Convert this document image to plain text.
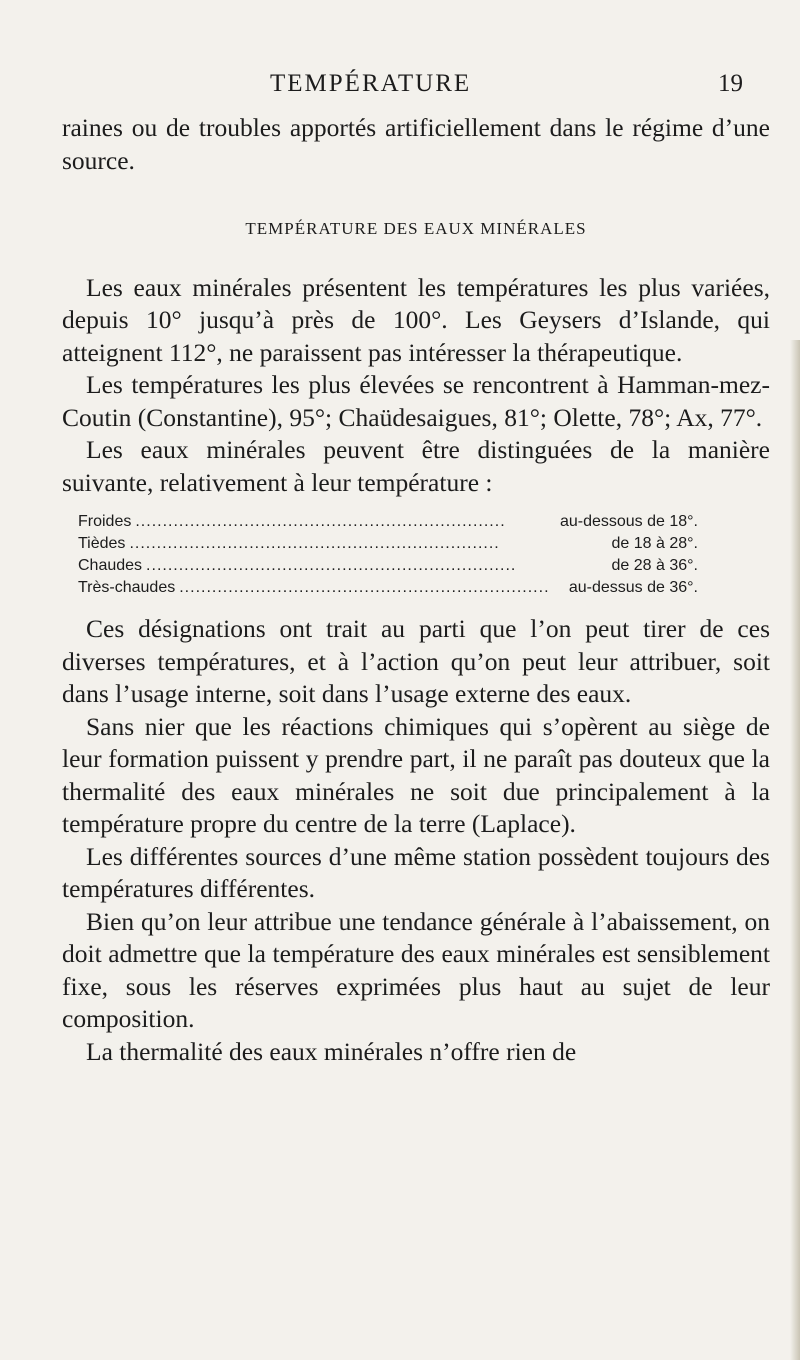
TEMPÉRATURE	19

raines ou de troubles apportés artificiellement dans le régime d’une source.

TEMPÉRATURE DES EAUX MINÉRALES

Les eaux minérales présentent les températures les plus variées, depuis 10° jusqu’à près de 100°. Les Geysers d’Islande, qui atteignent 112°, ne paraissent pas intéresser la thérapeutique.

Les températures les plus élevées se rencontrent à Hamman-mez-Coutin (Constantine), 95°; Chaüdesaigues, 81°; Olette, 78°; Ax, 77°.

Les eaux minérales peuvent être distinguées de la manière suivante, relativement à leur température :

Froides ....................................................................	au-dessous de 18°.
Tièdes ....................................................................	de 18 à 28°.
Chaudes ....................................................................	de 28 à 36°.
Très-chaudes ....................................................................	au-dessus de 36°.

Ces désignations ont trait au parti que l’on peut tirer de ces diverses températures, et à l’action qu’on peut leur attribuer, soit dans l’usage interne, soit dans l’usage externe des eaux.

Sans nier que les réactions chimiques qui s’opèrent au siège de leur formation puissent y prendre part, il ne paraît pas douteux que la thermalité des eaux minérales ne soit due principalement à la température propre du centre de la terre (Laplace).

Les différentes sources d’une même station possèdent toujours des températures différentes.

Bien qu’on leur attribue une tendance générale à l’abaissement, on doit admettre que la température des eaux minérales est sensiblement fixe, sous les réserves exprimées plus haut au sujet de leur composition.

La thermalité des eaux minérales n’offre rien de
